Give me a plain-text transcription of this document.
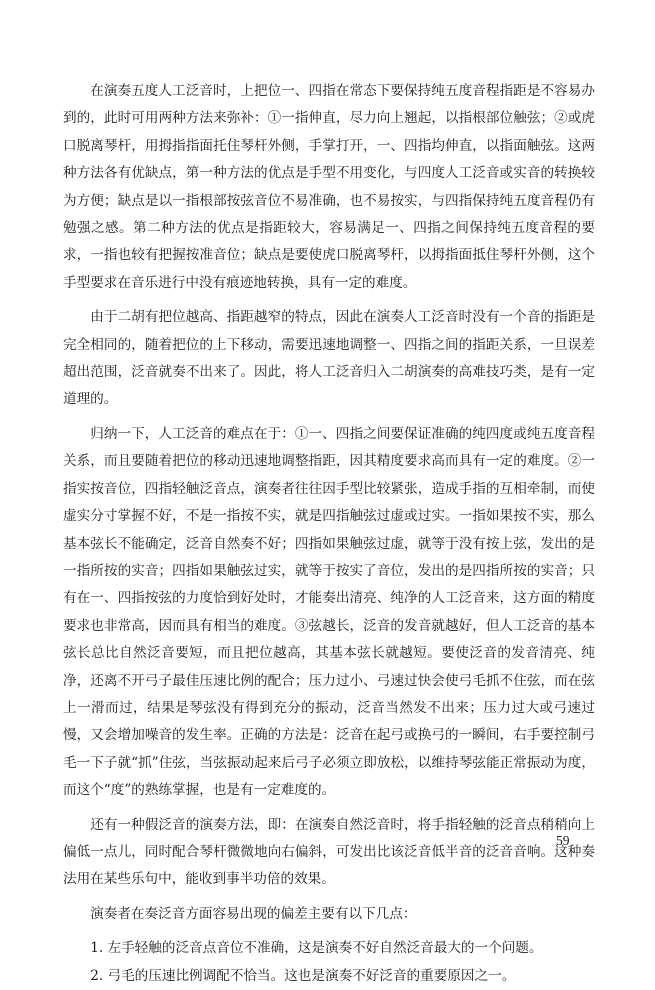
在演奏五度人工泛音时，上把位一、四指在常态下要保持纯五度音程指距是不容易办到的，此时可用两种方法来弥补：①一指伸直，尽力向上翘起，以指根部位触弦；②或虎口脱离琴杆，用拇指指面托住琴杆外侧，手掌打开，一、四指均伸直，以指面触弦。这两种方法各有优缺点，第一种方法的优点是手型不用变化，与四度人工泛音或实音的转换较为方便；缺点是以一指根部按弦音位不易准确，也不易按实，与四指保持纯五度音程仍有勉强之感。第二种方法的优点是指距较大，容易满足一、四指之间保持纯五度音程的要求，一指也较有把握按准音位；缺点是要使虎口脱离琴杆，以拇指面抵住琴杆外侧，这个手型要求在音乐进行中没有痕迹地转换，具有一定的难度。

由于二胡有把位越高、指距越窄的特点，因此在演奏人工泛音时没有一个音的指距是完全相同的，随着把位的上下移动，需要迅速地调整一、四指之间的指距关系，一旦误差超出范围，泛音就奏不出来了。因此，将人工泛音归入二胡演奏的高难技巧类，是有一定道理的。

归纳一下，人工泛音的难点在于：①一、四指之间要保证准确的纯四度或纯五度音程关系，而且要随着把位的移动迅速地调整指距，因其精度要求高而具有一定的难度。②一指实按音位，四指轻触泛音点，演奏者往往因手型比较紧张，造成手指的互相牵制，而使虚实分寸掌握不好，不是一指按不实，就是四指触弦过虚或过实。一指如果按不实，那么基本弦长不能确定，泛音自然奏不好；四指如果触弦过虚，就等于没有按上弦，发出的是一指所按的实音；四指如果触弦过实，就等于按实了音位，发出的是四指所按的实音；只有在一、四指按弦的力度恰到好处时，才能奏出清亮、纯净的人工泛音来，这方面的精度要求也非常高，因而具有相当的难度。③弦越长，泛音的发音就越好，但人工泛音的基本弦长总比自然泛音要短，而且把位越高，其基本弦长就越短。要使泛音的发音清亮、纯净，还离不开弓子最佳压速比例的配合；压力过小、弓速过快会使弓毛抓不住弦，而在弦上一滑而过，结果是琴弦没有得到充分的振动，泛音当然发不出来；压力过大或弓速过慢，又会增加噪音的发生率。正确的方法是：泛音在起弓或换弓的一瞬间，右手要控制弓毛一下子就“抓”住弦，当弦振动起来后弓子必须立即放松，以维持琴弦能正常振动为度，而这个“度”的熟练掌握，也是有一定难度的。

还有一种假泛音的演奏方法，即：在演奏自然泛音时，将手指轻触的泛音点稍稍向上偏低一点儿，同时配合琴杆微微地向右偏斜，可发出比该泛音低半音的泛音音响。这种奏法用在某些乐句中，能收到事半功倍的效果。

演奏者在奏泛音方面容易出现的偏差主要有以下几点：

1. 左手轻触的泛音点音位不准确，这是演奏不好自然泛音最大的一个问题。

2. 弓毛的压速比例调配不恰当。这也是演奏不好泛音的重要原因之一。

59
